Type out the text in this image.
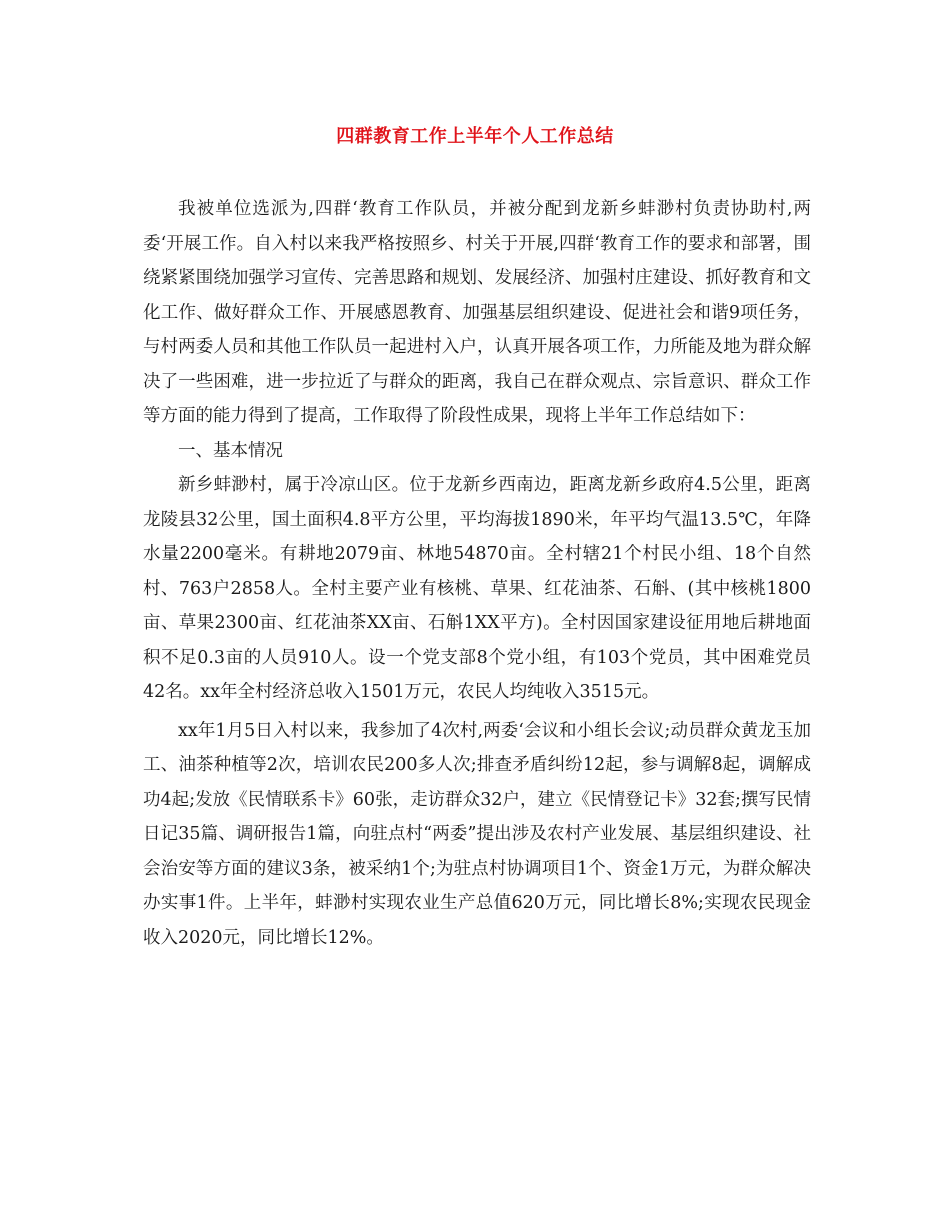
四群教育工作上半年个人工作总结

我被单位选派为,四群‘教育工作队员，并被分配到龙新乡蚌渺村负责协助村,两委‘开展工作。自入村以来我严格按照乡、村关于开展,四群‘教育工作的要求和部署，围绕紧紧围绕加强学习宣传、完善思路和规划、发展经济、加强村庄建设、抓好教育和文化工作、做好群众工作、开展感恩教育、加强基层组织建设、促进社会和谐9项任务，与村两委人员和其他工作队员一起进村入户，认真开展各项工作，力所能及地为群众解决了一些困难，进一步拉近了与群众的距离，我自己在群众观点、宗旨意识、群众工作等方面的能力得到了提高，工作取得了阶段性成果，现将上半年工作总结如下：

一、基本情况

新乡蚌渺村，属于冷凉山区。位于龙新乡西南边，距离龙新乡政府4.5公里，距离龙陵县32公里，国土面积4.8平方公里，平均海拔1890米，年平均气温13.5℃，年降水量2200毫米。有耕地2079亩、林地54870亩。全村辖21个村民小组、18个自然村、763户2858人。全村主要产业有核桃、草果、红花油茶、石斛、(其中核桃1800亩、草果2300亩、红花油茶XX亩、石斛1XX平方)。全村因国家建设征用地后耕地面积不足0.3亩的人员910人。设一个党支部8个党小组，有103个党员，其中困难党员42名。xx年全村经济总收入1501万元，农民人均纯收入3515元。

xx年1月5日入村以来，我参加了4次村,两委‘会议和小组长会议;动员群众黄龙玉加工、油茶种植等2次，培训农民200多人次;排查矛盾纠纷12起，参与调解8起，调解成功4起;发放《民情联系卡》60张，走访群众32户，建立《民情登记卡》32套;撰写民情日记35篇、调研报告1篇，向驻点村“两委”提出涉及农村产业发展、基层组织建设、社会治安等方面的建议3条，被采纳1个;为驻点村协调项目1个、资金1万元，为群众解决办实事1件。上半年，蚌渺村实现农业生产总值620万元，同比增长8%;实现农民现金收入2020元，同比增长12%。
